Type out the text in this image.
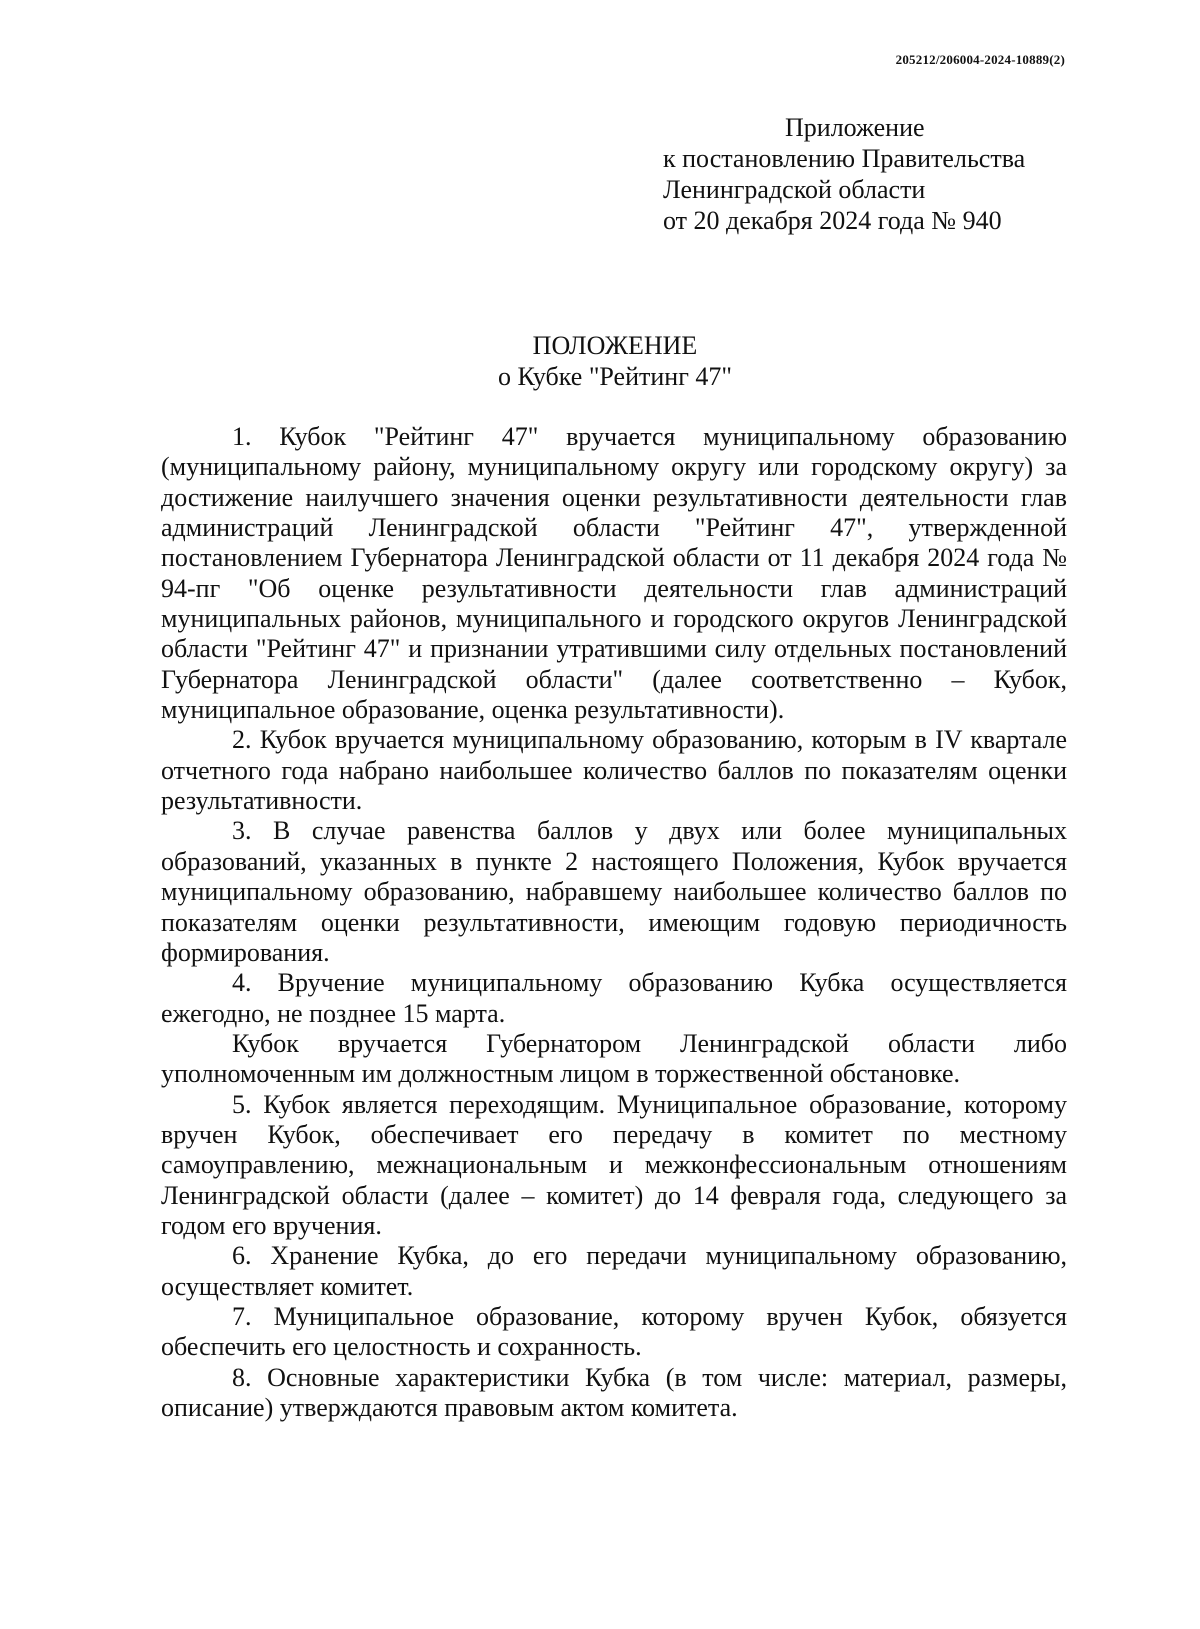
205212/206004-2024-10889(2)
Приложение
к постановлению Правительства
Ленинградской области
от 20 декабря 2024 года № 940
ПОЛОЖЕНИЕ
о Кубке "Рейтинг 47"

1. Кубок "Рейтинг 47" вручается муниципальному образованию (муниципальному району, муниципальному округу или городскому округу) за достижение наилучшего значения оценки результативности деятельности глав администраций Ленинградской области "Рейтинг 47", утвержденной постановлением Губернатора Ленинградской области от 11 декабря 2024 года № 94-пг "Об оценке результативности деятельности глав администраций муниципальных районов, муниципального и городского округов Ленинградской области "Рейтинг 47" и признании утратившими силу отдельных постановлений Губернатора Ленинградской области" (далее соответственно – Кубок, муниципальное образование, оценка результативности).

2. Кубок вручается муниципальному образованию, которым в IV квартале отчетного года набрано наибольшее количество баллов по показателям оценки результативности.

3. В случае равенства баллов у двух или более муниципальных образований, указанных в пункте 2 настоящего Положения, Кубок вручается муниципальному образованию, набравшему наибольшее количество баллов по показателям оценки результативности, имеющим годовую периодичность формирования.

4. Вручение муниципальному образованию Кубка осуществляется ежегодно, не позднее 15 марта.

Кубок вручается Губернатором Ленинградской области либо уполномоченным им должностным лицом в торжественной обстановке.

5. Кубок является переходящим. Муниципальное образование, которому вручен Кубок, обеспечивает его передачу в комитет по местному самоуправлению, межнациональным и межконфессиональным отношениям Ленинградской области (далее – комитет) до 14 февраля года, следующего за годом его вручения.

6. Хранение Кубка, до его передачи муниципальному образованию, осуществляет комитет.

7. Муниципальное образование, которому вручен Кубок, обязуется обеспечить его целостность и сохранность.

8. Основные характеристики Кубка (в том числе: материал, размеры, описание) утверждаются правовым актом комитета.
